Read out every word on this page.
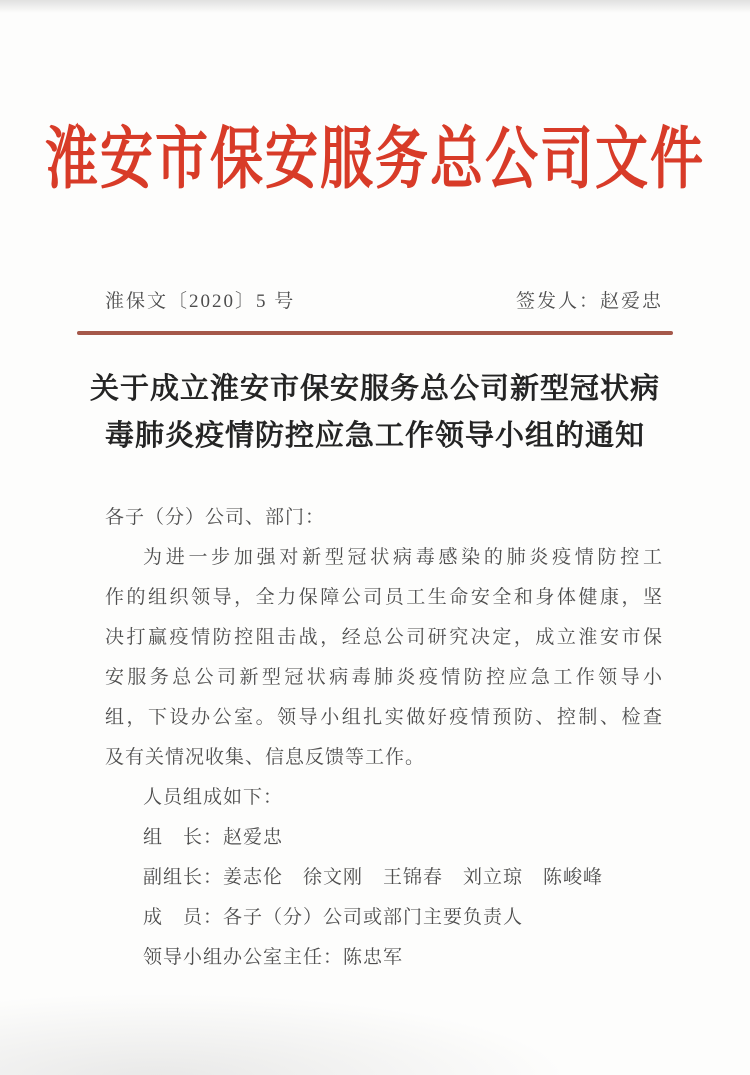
淮安市保安服务总公司文件
淮保文〔2020〕5 号	签发人：赵爱忠
关于成立淮安市保安服务总公司新型冠状病
毒肺炎疫情防控应急工作领导小组的通知
各子（分）公司、部门：
为进一步加强对新型冠状病毒感染的肺炎疫情防控工
作的组织领导，全力保障公司员工生命安全和身体健康，坚
决打赢疫情防控阻击战，经总公司研究决定，成立淮安市保
安服务总公司新型冠状病毒肺炎疫情防控应急工作领导小
组，下设办公室。领导小组扎实做好疫情预防、控制、检查
及有关情况收集、信息反馈等工作。
人员组成如下：
组　长：赵爱忠
副组长：姜志伦　徐文刚　王锦春　刘立琼　陈峻峰
成　员：各子（分）公司或部门主要负责人
领导小组办公室主任：陈忠军
